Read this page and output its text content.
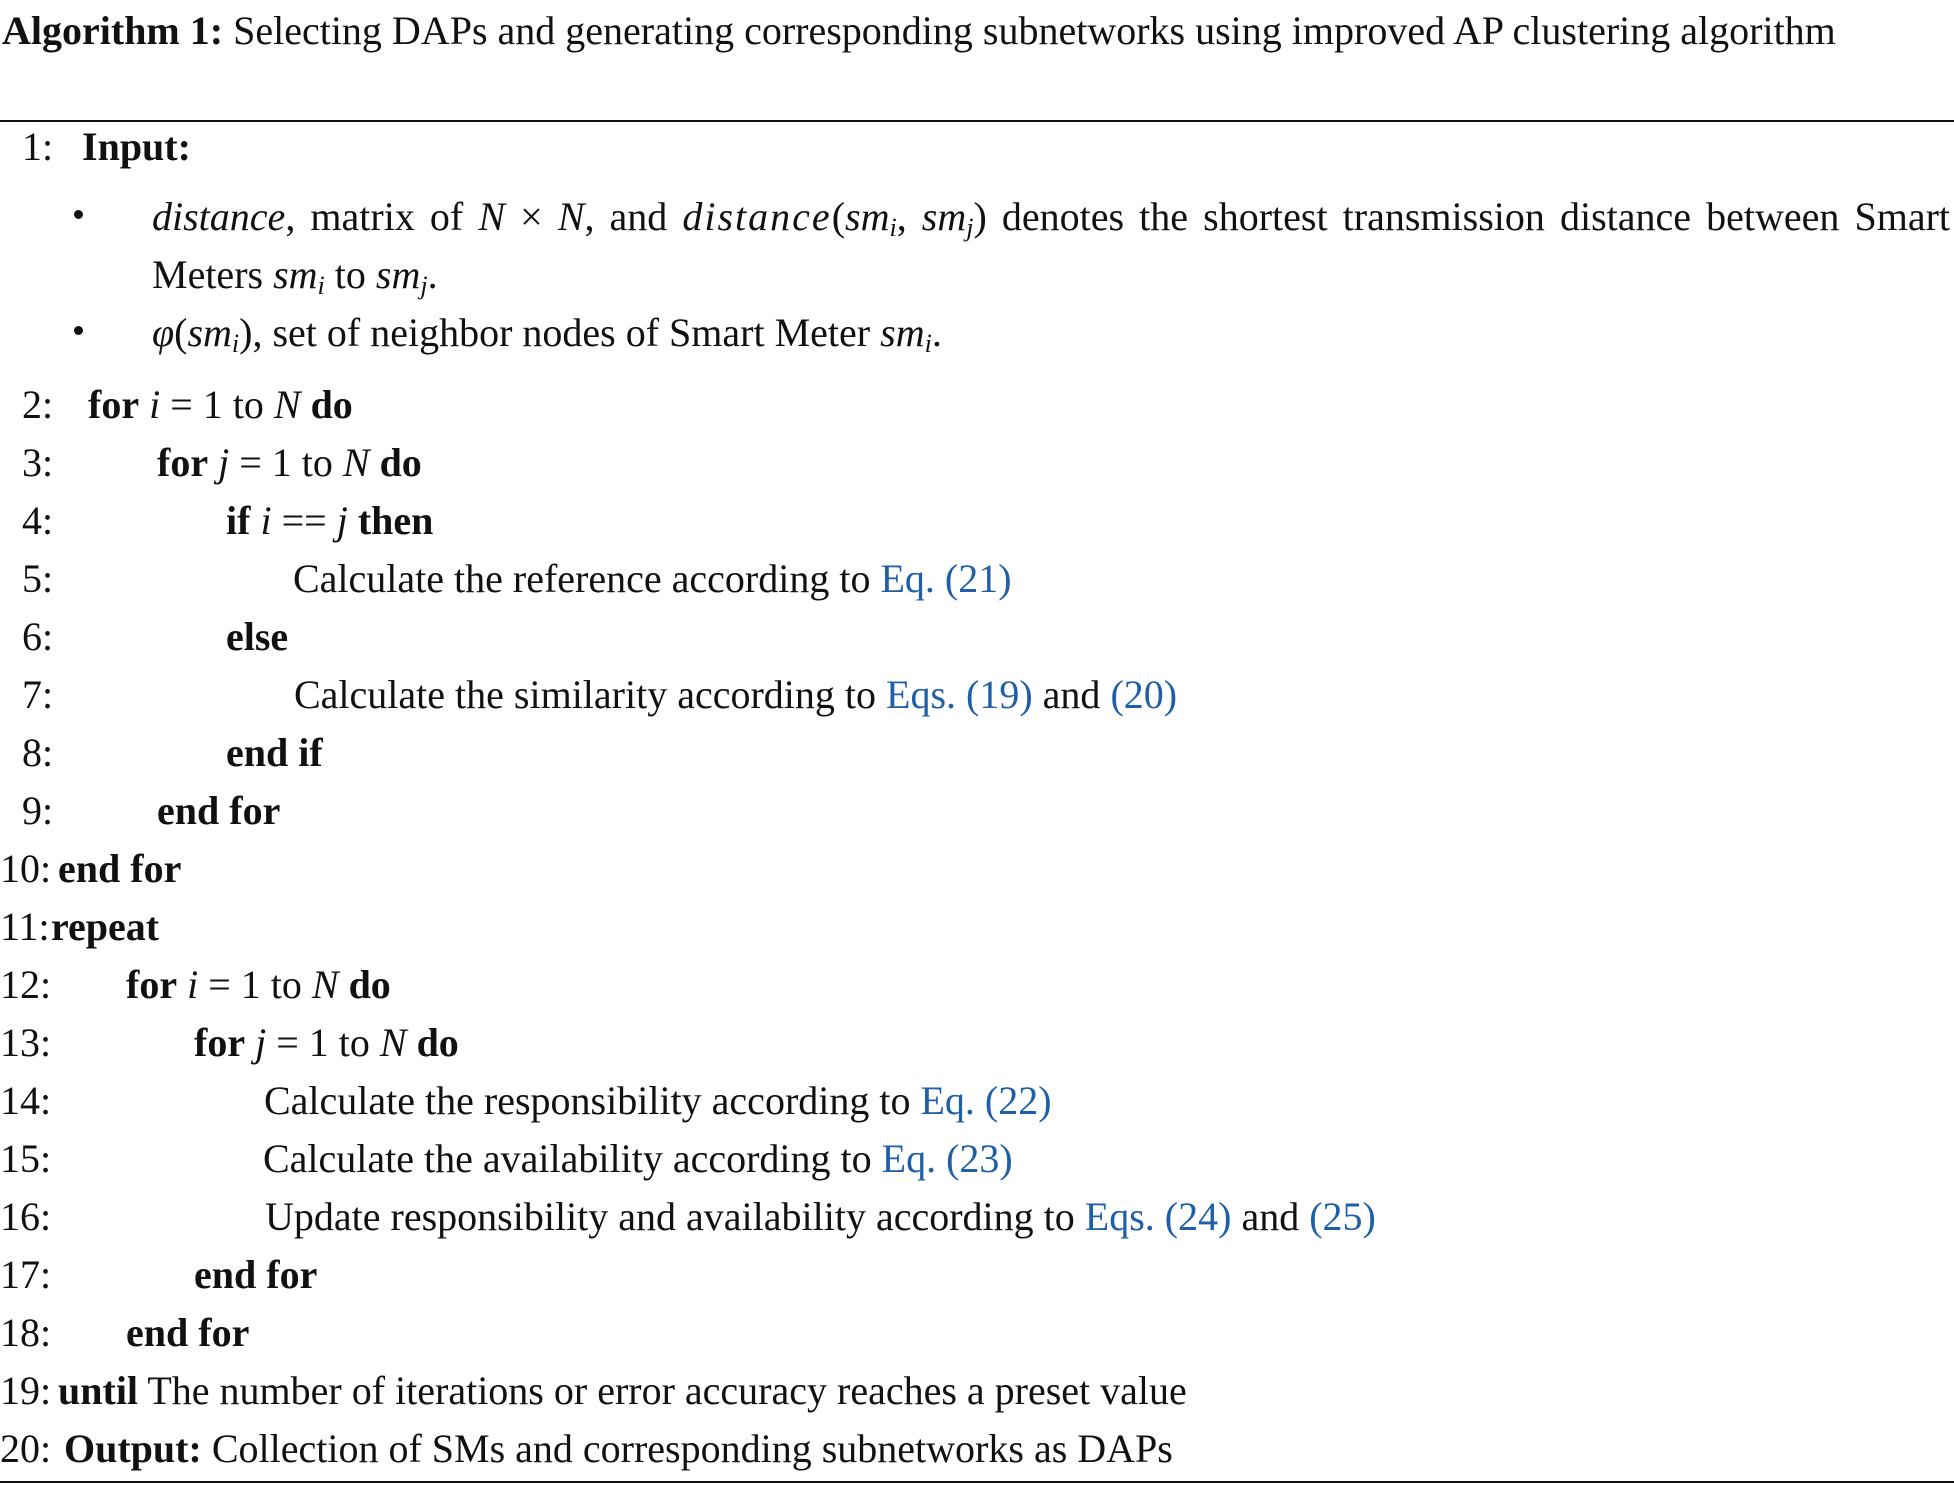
Algorithm 1: Selecting DAPs and generating corresponding subnetworks using improved AP clustering algorithm
1: Input:
distance, matrix of N × N, and $distance(sm_i$, $sm_j$) denotes the shortest transmission distance between Smart Meters $sm_i$ to $sm_j$.
$\varphi(sm_i)$, set of neighbor nodes of Smart Meter $sm_i$.
2: for i = 1 to N do
3:	for j = 1 to N do
4:	if i == j then
5:	Calculate the reference according to Eq. (21)
6:	else
7:	Calculate the similarity according to Eqs. (19) and (20)
8:	end if
9:	end for
10: end for
11: repeat
12: for i = 1 to N do
13:	for j = 1 to N do
14:	Calculate the responsibility according to Eq. (22)
15:	Calculate the availability according to Eq. (23)
16:	Update responsibility and availability according to Eqs. (24) and (25)
17:	end for
18: end for
19: until The number of iterations or error accuracy reaches a preset value
20: Output: Collection of SMs and corresponding subnetworks as DAPs
